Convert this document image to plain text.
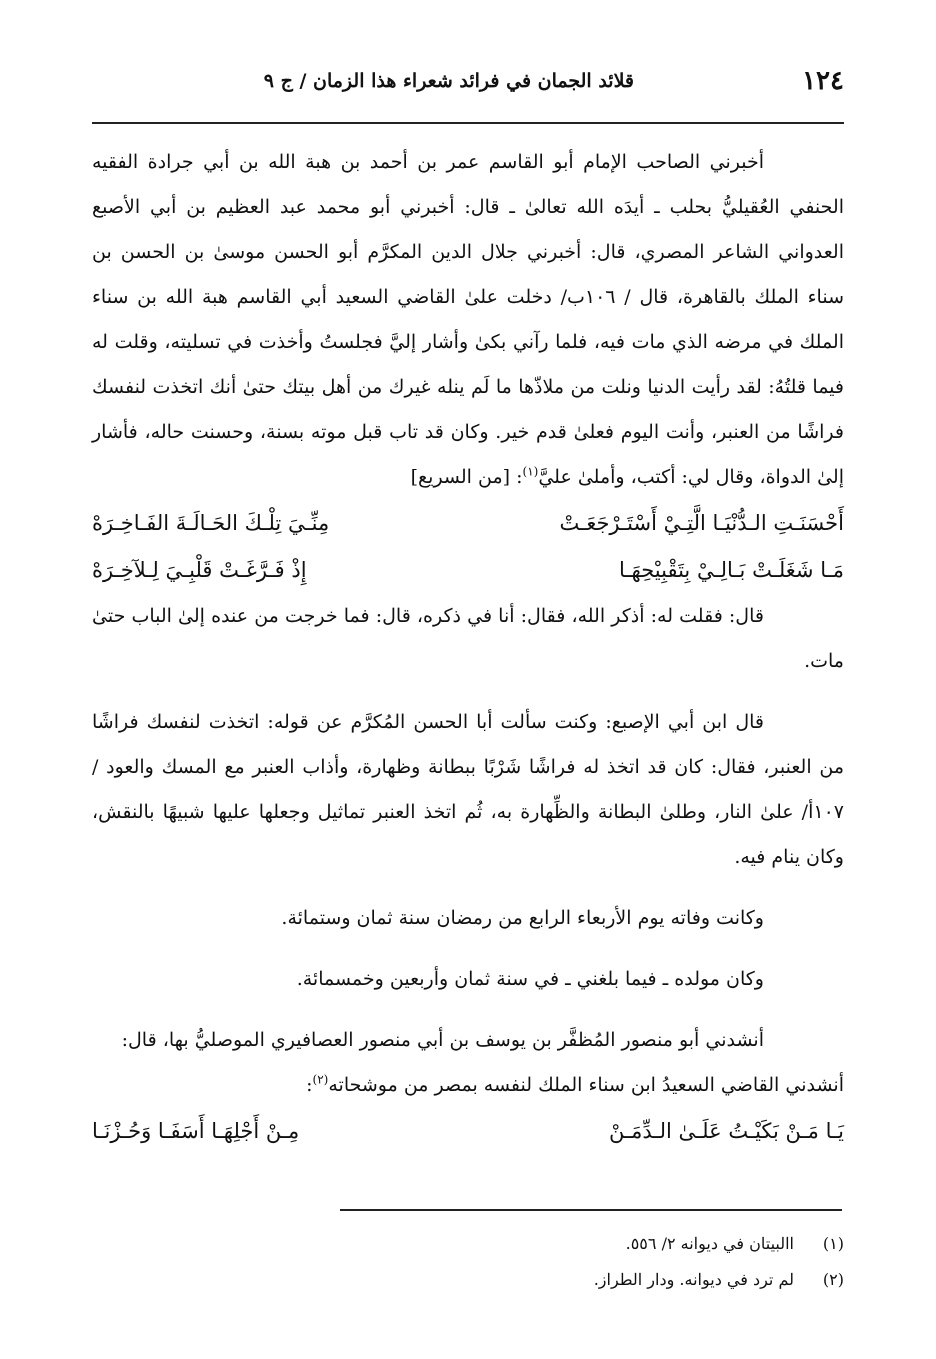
١٢٤
قلائد الجمان في فرائد شعراء هذا الزمان / ج ٩

أخبرني الصاحب الإمام أبو القاسم عمر بن أحمد بن هبة الله بن أبي جرادة الفقيه الحنفي العُقيليُّ بحلب ـ أيدَه الله تعالىٰ ـ قال: أخبرني أبو محمد عبد العظيم بن أبي الأصبع العدواني الشاعر المصري، قال: أخبرني جلال الدين المكرَّم أبو الحسن موسىٰ بن الحسن بن سناء الملك بالقاهرة، قال / ١٠٦ب/ دخلت علىٰ القاضي السعيد أبي القاسم هبة الله بن سناء الملك في مرضه الذي مات فيه، فلما رآني بكىٰ وأشار إليَّ فجلستُ وأخذت في تسليته، وقلت له فيما قلتُهُ: لقد رأيت الدنيا ونلت من ملاذّها ما لَم ينله غيرك من أهل بيتك حتىٰ أنك اتخذت لنفسك فراشًا من العنبر، وأنت اليوم فعلىٰ قدم خير. وكان قد تاب قبل موته بسنة، وحسنت حاله، فأشار إلىٰ الدواة، وقال لي: أكتب، وأملىٰ عليَّ$^{(١)}$: [من السريع]

أَحْسَنَـتِ الـدُّنْيَـا الَّتِـيْ أَسْتَـرْجَعَـتْ
مِنِّـيَ تِلْـكَ الحَـالَـةَ الفَـاخِـرَهْ
مَـا شَغَلَـتْ بَـالِـيْ بِتَقْبِيْحِهَـا
إِذْ فَـرَّغَـتْ قَلْبِـيَ لِـلآخِـرَهْ

قال: فقلت له: أذكر الله، فقال: أنا في ذكره، قال: فما خرجت من عنده إلىٰ الباب حتىٰ مات.

قال ابن أبي الإصبع: وكنت سألت أبا الحسن المُكرَّم عن قوله: اتخذت لنفسك فراشًا من العنبر، فقال: كان قد اتخذ له فراشًا شَرْبًا ببطانة وظهارة، وأذاب العنبر مع المسك والعود / ١٠٧أ/ علىٰ النار، وطلىٰ البطانة والظِّهارة به، ثُم اتخذ العنبر تماثيل وجعلها عليها شبيهًا بالنقش، وكان ينام فيه.

وكانت وفاته يوم الأربعاء الرابع من رمضان سنة ثمان وستمائة.

وكان مولده ـ فيما بلغني ـ في سنة ثمان وأربعين وخمسمائة.

أنشدني أبو منصور المُظفَّر بن يوسف بن أبي منصور العصافيري الموصليُّ بها، قال:

أنشدني القاضي السعيدُ ابن سناء الملك لنفسه بمصر من موشحاته$^{(٢)}$:

يَـا مَـنْ بَكَيْـتُ عَلَـىٰ الـدِّمَـنْ
مِـنْ أَجْلِهَـا أَسَفَـا وَحُـزْنَـا
(١)
االبيتان في ديوانه ٢/ ٥٥٦.
(٢)
لم ترد في ديوانه. ودار الطراز.
